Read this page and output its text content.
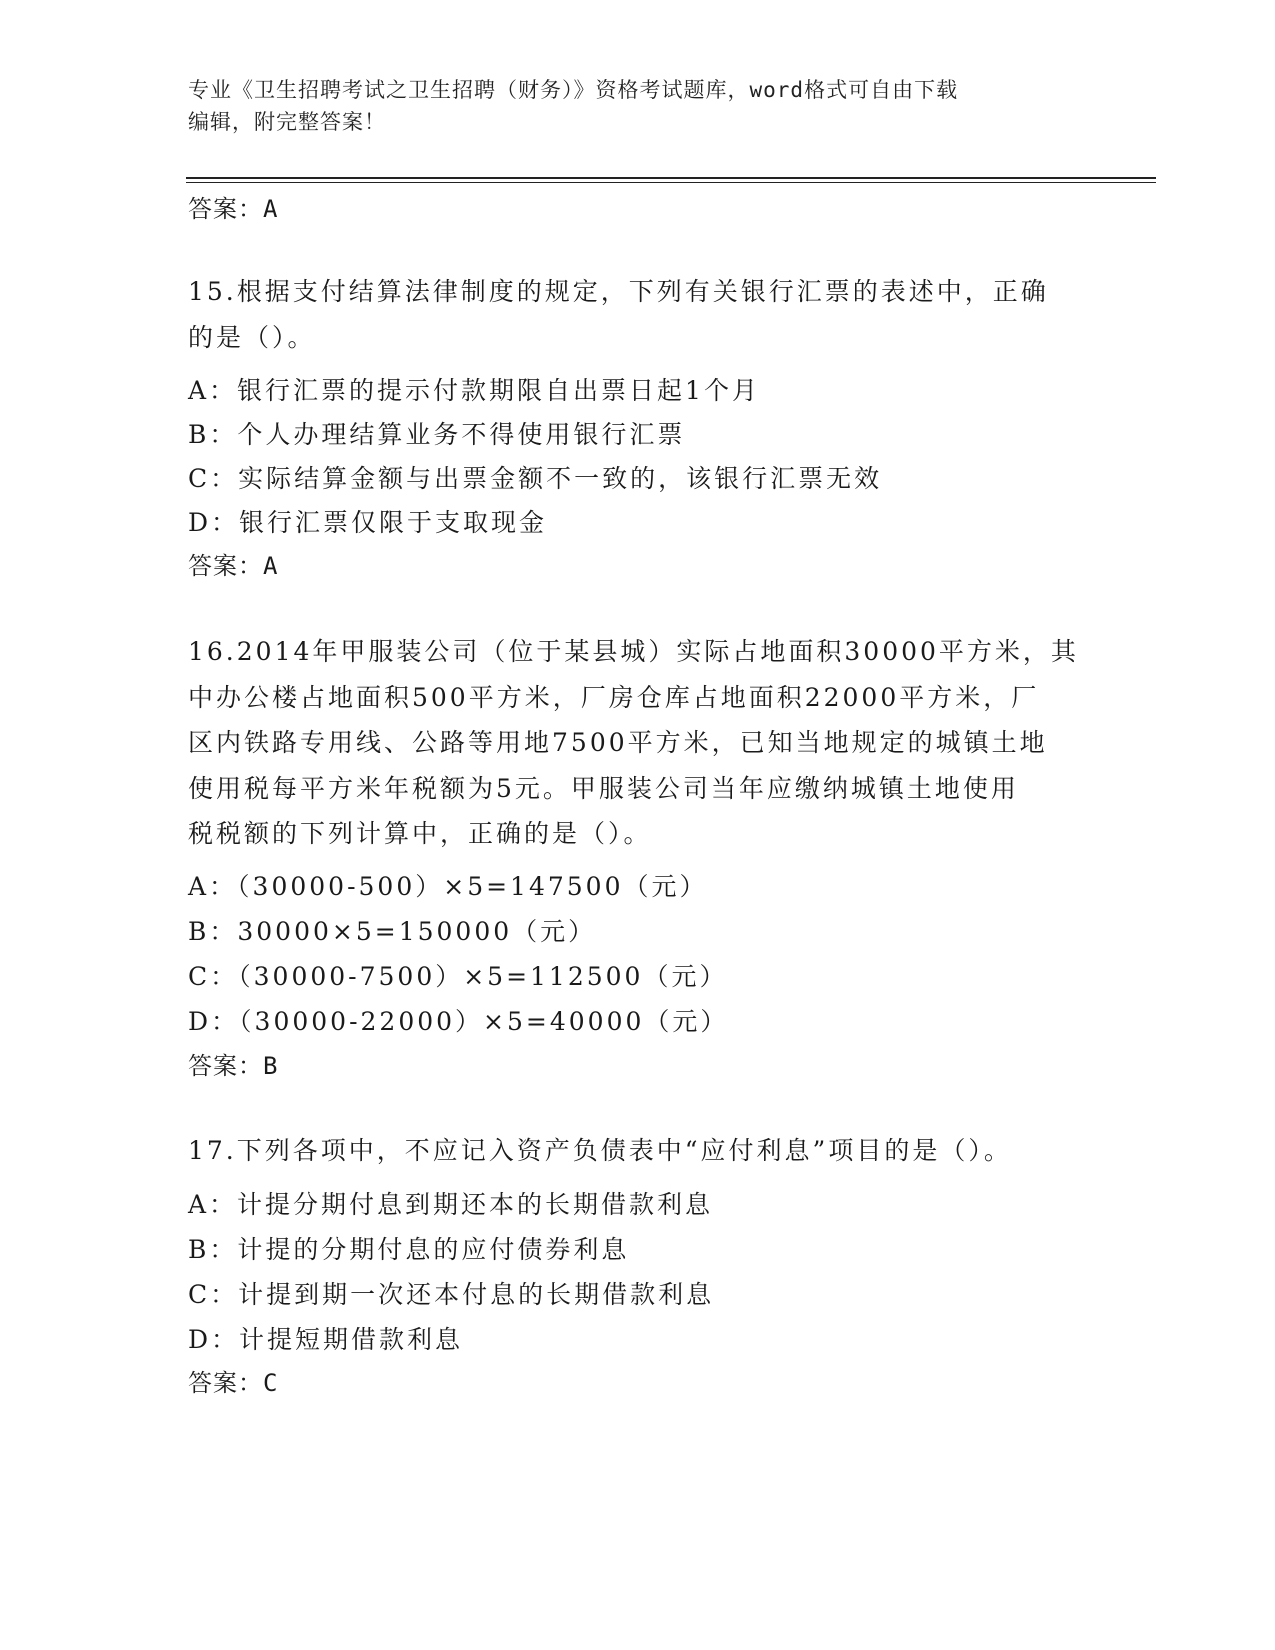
专业《卫生招聘考试之卫生招聘（财务）》资格考试题库，word格式可自由下载
编辑，附完整答案！
答案：A
15.根据支付结算法律制度的规定，下列有关银行汇票的表述中，正确
的是（）。
A：银行汇票的提示付款期限自出票日起1个月
B：个人办理结算业务不得使用银行汇票
C：实际结算金额与出票金额不一致的，该银行汇票无效
D：银行汇票仅限于支取现金
答案：A
16.2014年甲服装公司（位于某县城）实际占地面积30000平方米，其
中办公楼占地面积500平方米，厂房仓库占地面积22000平方米，厂
区内铁路专用线、公路等用地7500平方米，已知当地规定的城镇土地
使用税每平方米年税额为5元。甲服装公司当年应缴纳城镇土地使用
税税额的下列计算中，正确的是（）。
A：（30000-500）×5=147500（元）
B：30000×5=150000（元）
C：（30000-7500）×5=112500（元）
D：（30000-22000）×5=40000（元）
答案：B
17.下列各项中，不应记入资产负债表中“应付利息”项目的是（）。
A：计提分期付息到期还本的长期借款利息
B：计提的分期付息的应付债券利息
C：计提到期一次还本付息的长期借款利息
D：计提短期借款利息
答案：C
